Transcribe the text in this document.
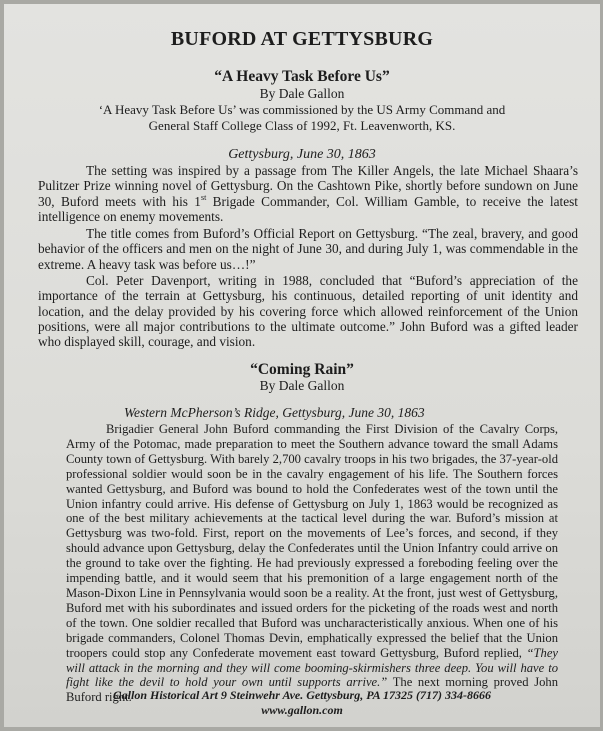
BUFORD AT GETTYSBURG
“A Heavy Task Before Us”
By Dale Gallon
‘A Heavy Task Before Us’ was commissioned by the US Army Command and
General Staff College Class of 1992, Ft. Leavenworth, KS.
Gettysburg, June 30, 1863
The setting was inspired by a passage from The Killer Angels, the late Michael Shaara’s Pulitzer Prize winning novel of Gettysburg. On the Cashtown Pike, shortly before sundown on June 30, Buford meets with his 1st Brigade Commander, Col. William Gamble, to receive the latest intelligence on enemy movements.
The title comes from Buford’s Official Report on Gettysburg. “The zeal, bravery, and good behavior of the officers and men on the night of June 30, and during July 1, was commendable in the extreme. A heavy task was before us…!”
Col. Peter Davenport, writing in 1988, concluded that “Buford’s appreciation of the importance of the terrain at Gettysburg, his continuous, detailed reporting of unit identity and location, and the delay provided by his covering force which allowed reinforcement of the Union positions, were all major contributions to the ultimate outcome.” John Buford was a gifted leader who displayed skill, courage, and vision.
“Coming Rain”
By Dale Gallon
Western McPherson’s Ridge, Gettysburg, June 30, 1863
Brigadier General John Buford commanding the First Division of the Cavalry Corps, Army of the Potomac, made preparation to meet the Southern advance toward the small Adams County town of Gettysburg. With barely 2,700 cavalry troops in his two brigades, the 37-year-old professional soldier would soon be in the cavalry engagement of his life. The Southern forces wanted Gettysburg, and Buford was bound to hold the Confederates west of the town until the Union infantry could arrive. His defense of Gettysburg on July 1, 1863 would be recognized as one of the best military achievements at the tactical level during the war. Buford’s mission at Gettysburg was two-fold. First, report on the movements of Lee’s forces, and second, if they should advance upon Gettysburg, delay the Confederates until the Union Infantry could arrive on the ground to take over the fighting. He had previously expressed a foreboding feeling over the impending battle, and it would seem that his premonition of a large engagement north of the Mason-Dixon Line in Pennsylvania would soon be a reality. At the front, just west of Gettysburg, Buford met with his subordinates and issued orders for the picketing of the roads west and north of the town. One soldier recalled that Buford was uncharacteristically anxious. When one of his brigade commanders, Colonel Thomas Devin, emphatically expressed the belief that the Union troopers could stop any Confederate movement east toward Gettysburg, Buford replied, “They will attack in the morning and they will come booming-skirmishers three deep. You will have to fight like the devil to hold your own until supports arrive.” The next morning proved John Buford right.
Gallon Historical Art 9 Steinwehr Ave. Gettysburg, PA 17325 (717) 334-8666
www.gallon.com
